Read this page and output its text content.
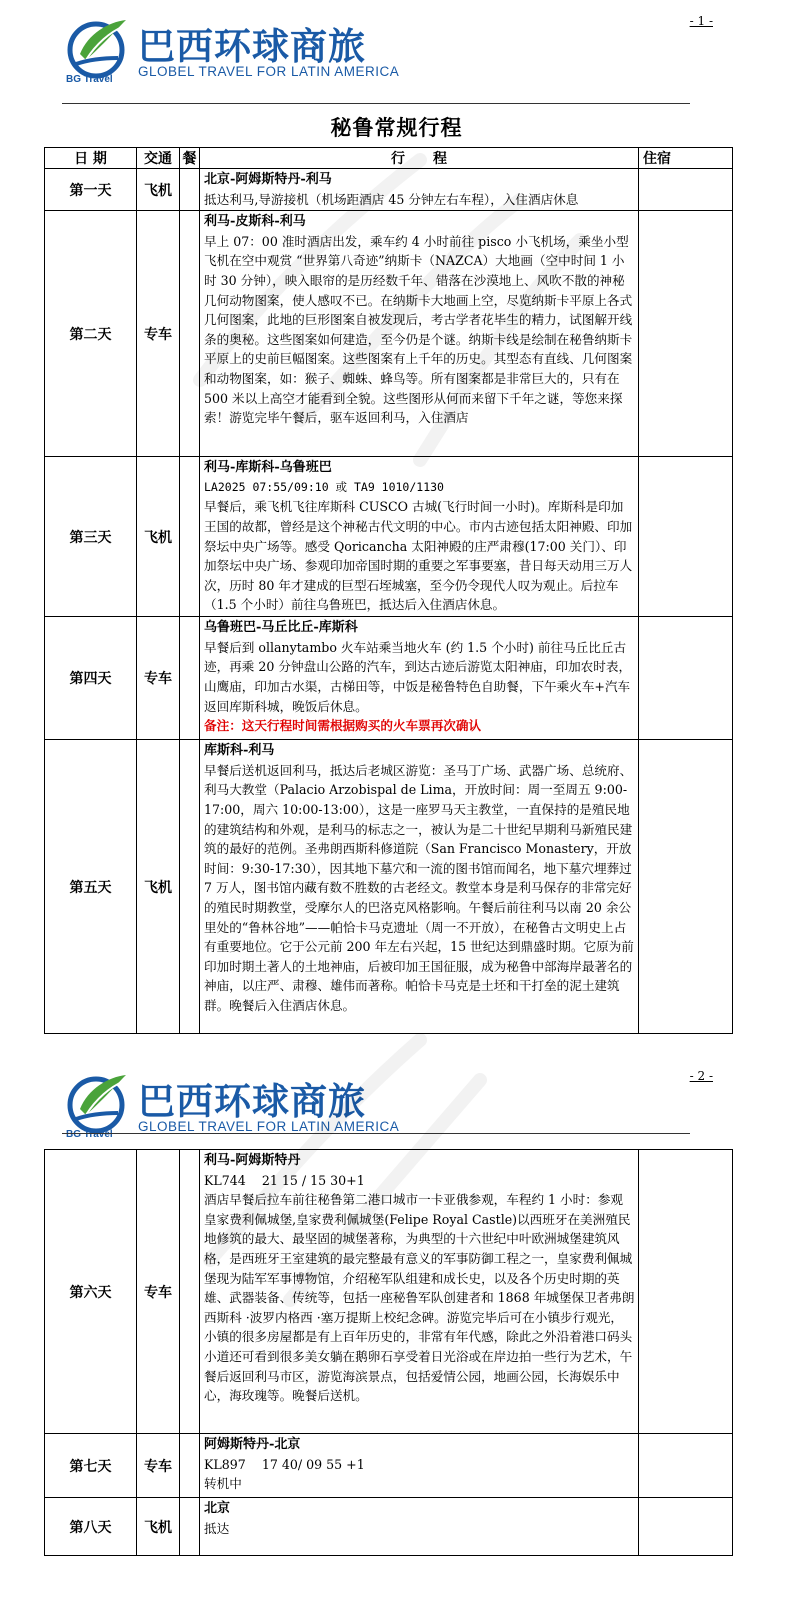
- 1 -
巴西环球商旅
GLOBEL TRAVEL FOR LATIN AMERICA
BG Travel
秘鲁常规行程
日 期	交通	餐	行　　程	住宿
第一天	飞机		北京-阿姆斯特丹-利马
抵达利马,导游接机（机场距酒店 45 分钟左右车程），入住酒店休息	

第二天	专车		利马-皮斯科-利马
早上 07：00 准时酒店出发，乘车约 4 小时前往 pisco 小飞机场，乘坐小型飞机在空中观赏 “世界第八奇迹”纳斯卡（NAZCA）大地画（空中时间 1 小时 30 分钟），映入眼帘的是历经数千年、错落在沙漠地上、风吹不散的神秘几何动物图案，使人感叹不已。在纳斯卡大地画上空，尽览纳斯卡平原上各式几何图案，此地的巨形图案自被发现后，考古学者花毕生的精力，试图解开线条的奥秘。这些图案如何建造，至今仍是个谜。纳斯卡线是绘制在秘鲁纳斯卡平原上的史前巨幅图案。这些图案有上千年的历史。其型态有直线、几何图案和动物图案，如：猴子、蜘蛛、蜂鸟等。所有图案都是非常巨大的，只有在 500 米以上高空才能看到全貌。这些图形从何而来留下千年之谜，等您来探索！游览完毕午餐后，驱车返回利马，入住酒店	

第三天	飞机		利马-库斯科-乌鲁班巴
LA2025 07:55/09:10 或 TA9 1010/1130
早餐后，乘飞机飞往库斯科 CUSCO 古城(飞行时间一小时)。库斯科是印加王国的故都，曾经是这个神秘古代文明的中心。市内古迹包括太阳神殿、印加祭坛中央广场等。感受 Qoricancha 太阳神殿的庄严肃穆(17:00 关门）、印加祭坛中央广场、参观印加帝国时期的重要之军事要塞，昔日每天动用三万人次，历时 80 年才建成的巨型石垤城塞，至今仍令现代人叹为观止。后拉车（1.5 个小时）前往乌鲁班巴，抵达后入住酒店休息。	

第四天	专车		乌鲁班巴-马丘比丘-库斯科
早餐后到 ollanytambo 火车站乘当地火车 (约 1.5 个小时) 前往马丘比丘古迹，再乘 20 分钟盘山公路的汽车，到达古迹后游览太阳神庙，印加农时表，山鹰庙，印加古水渠，古梯田等，中饭是秘鲁特色自助餐，下午乘火车+汽车返回库斯科城，晚饭后休息。
备注：这天行程时间需根据购买的火车票再次确认	

第五天	飞机		库斯科-利马
早餐后送机返回利马，抵达后老城区游览：圣马丁广场、武器广场、总统府、利马大教堂（Palacio Arzobispal de Lima，开放时间：周一至周五 9:00-17:00，周六 10:00-13:00），这是一座罗马天主教堂，一直保持的是殖民地的建筑结构和外观，是利马的标志之一，被认为是二十世纪早期利马新殖民建筑的最好的范例。圣弗朗西斯科修道院（San Francisco Monastery，开放时间：9:30-17:30），因其地下墓穴和一流的图书馆而闻名，地下墓穴埋葬过 7 万人，图书馆内藏有数不胜数的古老经文。教堂本身是利马保存的非常完好的殖民时期教堂，受摩尔人的巴洛克风格影响。午餐后前往利马以南 20 余公里处的“鲁林谷地”——帕恰卡马克遗址（周一不开放），在秘鲁古文明史上占有重要地位。它于公元前 200 年左右兴起，15 世纪达到鼎盛时期。它原为前印加时期土著人的土地神庙，后被印加王国征服，成为秘鲁中部海岸最著名的神庙，以庄严、肃穆、雄伟而著称。帕恰卡马克是土坯和干打垒的泥土建筑群。晚餐后入住酒店休息。	

- 2 -
巴西环球商旅
GLOBEL TRAVEL FOR LATIN AMERICA
BG Travel
第六天	专车		利马-阿姆斯特丹
KL744    21 15 / 15 30+1
酒店早餐后拉车前往秘鲁第二港口城市一卡亚俄参观，车程约 1 小时：参观皇家费利佩城堡,皇家费利佩城堡(Felipe Royal Castle)以西班牙在美洲殖民地修筑的最大、最坚固的城堡著称，为典型的十六世纪中叶欧洲城堡建筑风格，是西班牙王室建筑的最完整最有意义的军事防御工程之一，皇家费利佩城堡现为陆军军事博物馆，介绍秘军队组建和成长史，以及各个历史时期的英雄、武器装备、传统等，包括一座秘鲁军队创建者和 1868 年城堡保卫者弗朗西斯科 ·波罗内格西 ·塞万提斯上校纪念碑。游览完毕后可在小镇步行观光，小镇的很多房屋都是有上百年历史的，非常有年代感，除此之外沿着港口码头小道还可看到很多美女躺在鹅卵石享受着日光浴或在岸边拍一些行为艺术，午餐后返回利马市区，游览海滨景点，包括爱情公园，地画公园，长海娱乐中心，海玫瑰等。晚餐后送机。	

第七天	专车		阿姆斯特丹-北京
KL897    17 40/ 09 55 +1
转机中	

第八天	飞机		北京
抵达	
